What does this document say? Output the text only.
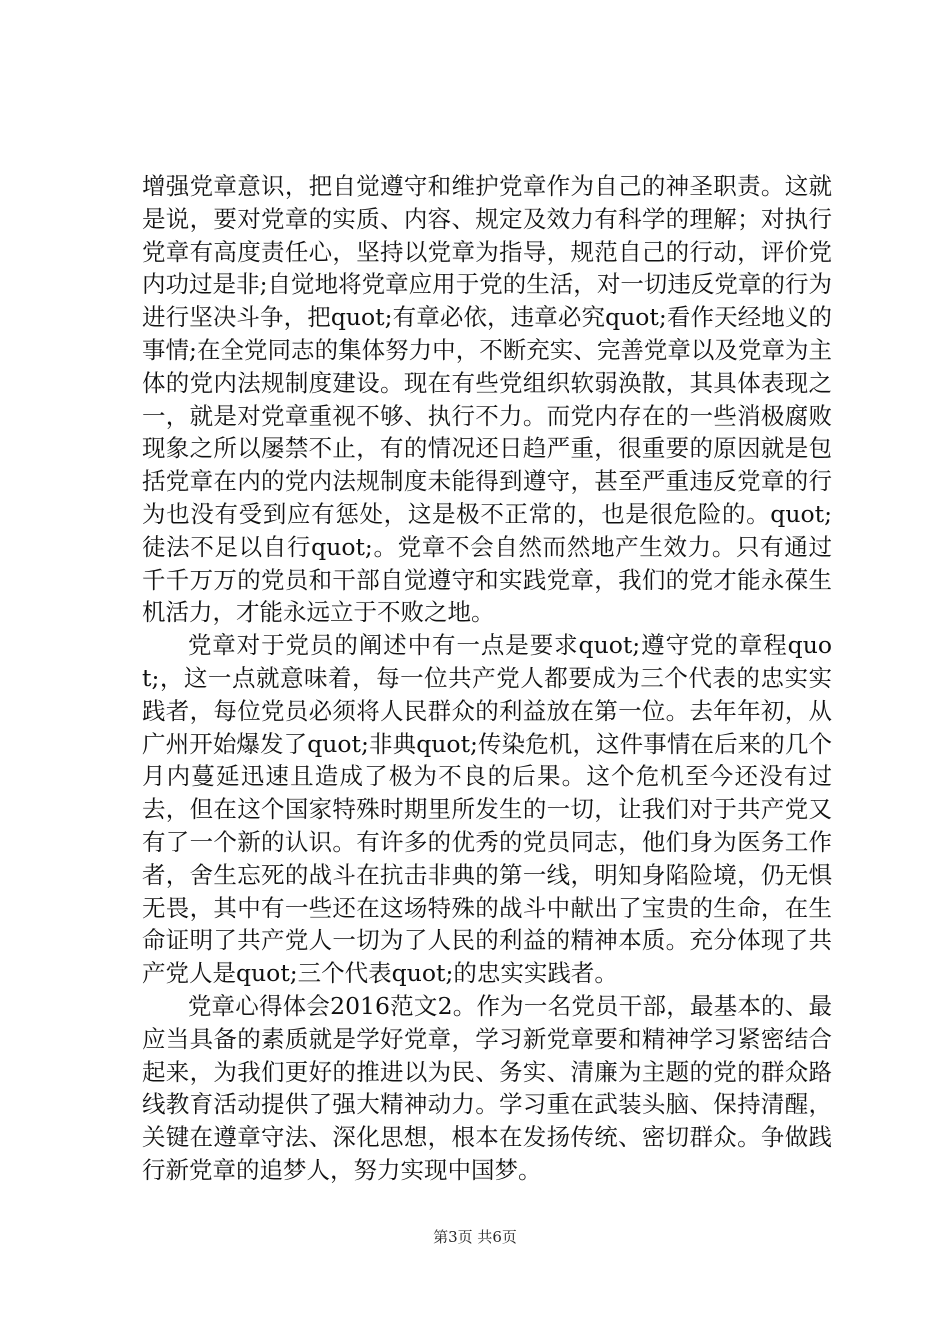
增强党章意识，把自觉遵守和维护党章作为自己的神圣职责。这就是说，要对党章的实质、内容、规定及效力有科学的理解；对执行党章有高度责任心，坚持以党章为指导，规范自己的行动，评价党内功过是非;自觉地将党章应用于党的生活，对一切违反党章的行为进行坚决斗争，把quot;有章必依，违章必究quot;看作天经地义的事情;在全党同志的集体努力中，不断充实、完善党章以及党章为主体的党内法规制度建设。现在有些党组织软弱涣散，其具体表现之一，就是对党章重视不够、执行不力。而党内存在的一些消极腐败现象之所以屡禁不止，有的情况还日趋严重，很重要的原因就是包括党章在内的党内法规制度未能得到遵守，甚至严重违反党章的行为也没有受到应有惩处，这是极不正常的，也是很危险的。quot;徒法不足以自行quot;。党章不会自然而然地产生效力。只有通过千千万万的党员和干部自觉遵守和实践党章，我们的党才能永葆生机活力，才能永远立于不败之地。

党章对于党员的阐述中有一点是要求quot;遵守党的章程quot;，这一点就意味着，每一位共产党人都要成为三个代表的忠实实践者，每位党员必须将人民群众的利益放在第一位。去年年初，从广州开始爆发了quot;非典quot;传染危机，这件事情在后来的几个月内蔓延迅速且造成了极为不良的后果。这个危机至今还没有过去，但在这个国家特殊时期里所发生的一切，让我们对于共产党又有了一个新的认识。有许多的优秀的党员同志，他们身为医务工作者，舍生忘死的战斗在抗击非典的第一线，明知身陷险境，仍无惧无畏，其中有一些还在这场特殊的战斗中献出了宝贵的生命，在生命证明了共产党人一切为了人民的利益的精神本质。充分体现了共产党人是quot;三个代表quot;的忠实实践者。

党章心得体会2016范文2。作为一名党员干部，最基本的、最应当具备的素质就是学好党章，学习新党章要和精神学习紧密结合起来，为我们更好的推进以为民、务实、清廉为主题的党的群众路线教育活动提供了强大精神动力。学习重在武装头脑、保持清醒，关键在遵章守法、深化思想，根本在发扬传统、密切群众。争做践行新党章的追梦人，努力实现中国梦。

第3页 共6页
